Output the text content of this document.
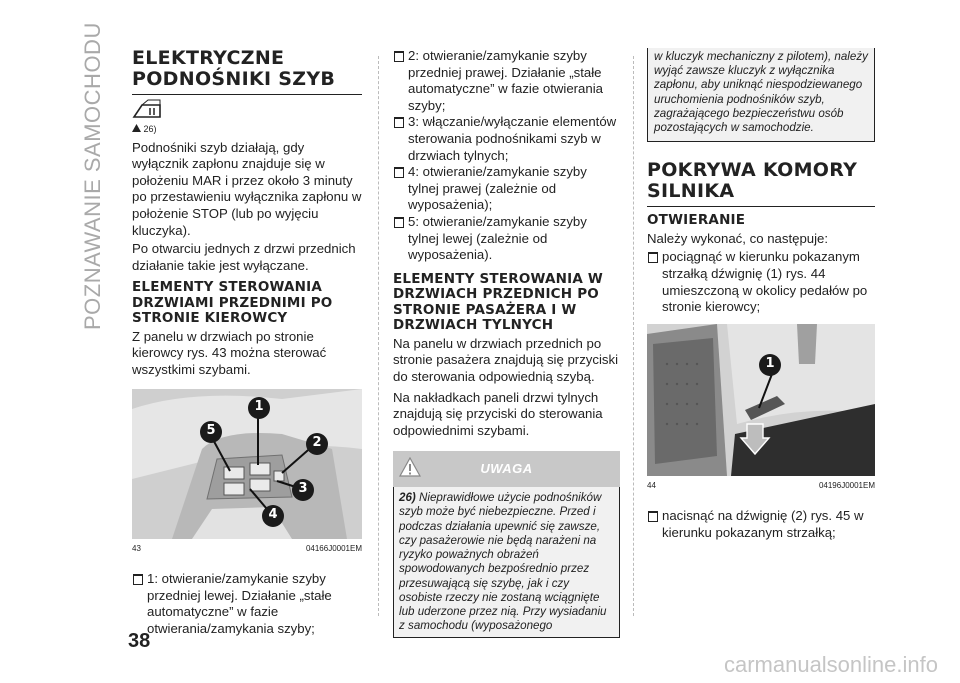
POZNAWANIE SAMOCHODU ELEKTRYCZNE PODNOŚNIKI SZYB
26)

Podnośniki szyb działają, gdy wyłącznik zapłonu znajduje się w położeniu MAR i przez około 3 minuty po przestawieniu wyłącznika zapłonu w położenie STOP (lub po wyjęciu kluczyka).

Po otwarciu jednych z drzwi przednich działanie takie jest wyłączane.

ELEMENTY STEROWANIA DRZWIAMI PRZEDNIMI PO STRONIE KIEROWCY

Z panelu w drzwiach po stronie kierowcy rys. 43 można sterować wszystkimi szybami.

1
2
3
4
5
43	04166J0001EM
1: otwieranie/zamykanie szyby przedniej lewej. Działanie „stałe automatyczne” w fazie otwierania/zamykania szyby;
2: otwieranie/zamykanie szyby przedniej prawej. Działanie „stałe automatyczne” w fazie otwierania szyby;
3: włączanie/wyłączanie elementów sterowania podnośnikami szyb w drzwiach tylnych;
4: otwieranie/zamykanie szyby tylnej prawej (zależnie od wyposażenia);
5: otwieranie/zamykanie szyby tylnej lewej (zależnie od wyposażenia).
ELEMENTY STEROWANIA W DRZWIACH PRZEDNICH PO STRONIE PASAŻERA I W DRZWIACH TYLNYCH

Na panelu w drzwiach przednich po stronie pasażera znajdują się przyciski do sterowania odpowiednią szybą.

Na nakładkach paneli drzwi tylnych znajdują się przyciski do sterowania odpowiednimi szybami.

UWAGA
26) Nieprawidłowe użycie podnośników szyb może być niebezpieczne. Przed i podczas działania upewnić się zawsze, czy pasażerowie nie będą narażeni na ryzyko poważnych obrażeń spowodowanych bezpośrednio przez przesuwającą się szybę, jak i czy osobiste rzeczy nie zostaną wciągnięte lub uderzone przez nią. Przy wysiadaniu z samochodu (wyposażonego
w kluczyk mechaniczny z pilotem), należy wyjąć zawsze kluczyk z wyłącznika zapłonu, aby uniknąć niespodziewanego uruchomienia podnośników szyb, zagrażającego bezpieczeństwu osób pozostających w samochodzie.
POKRYWA KOMORY SILNIKA
OTWIERANIE

Należy wykonać, co następuje:

pociągnąć w kierunku pokazanym strzałką dźwignię (1) rys. 44 umieszczoną w okolicy pedałów po stronie kierowcy;
1
44	04196J0001EM
nacisnąć na dźwignię (2) rys. 45 w kierunku pokazanym strzałką;
38
carmanualsonline.info
